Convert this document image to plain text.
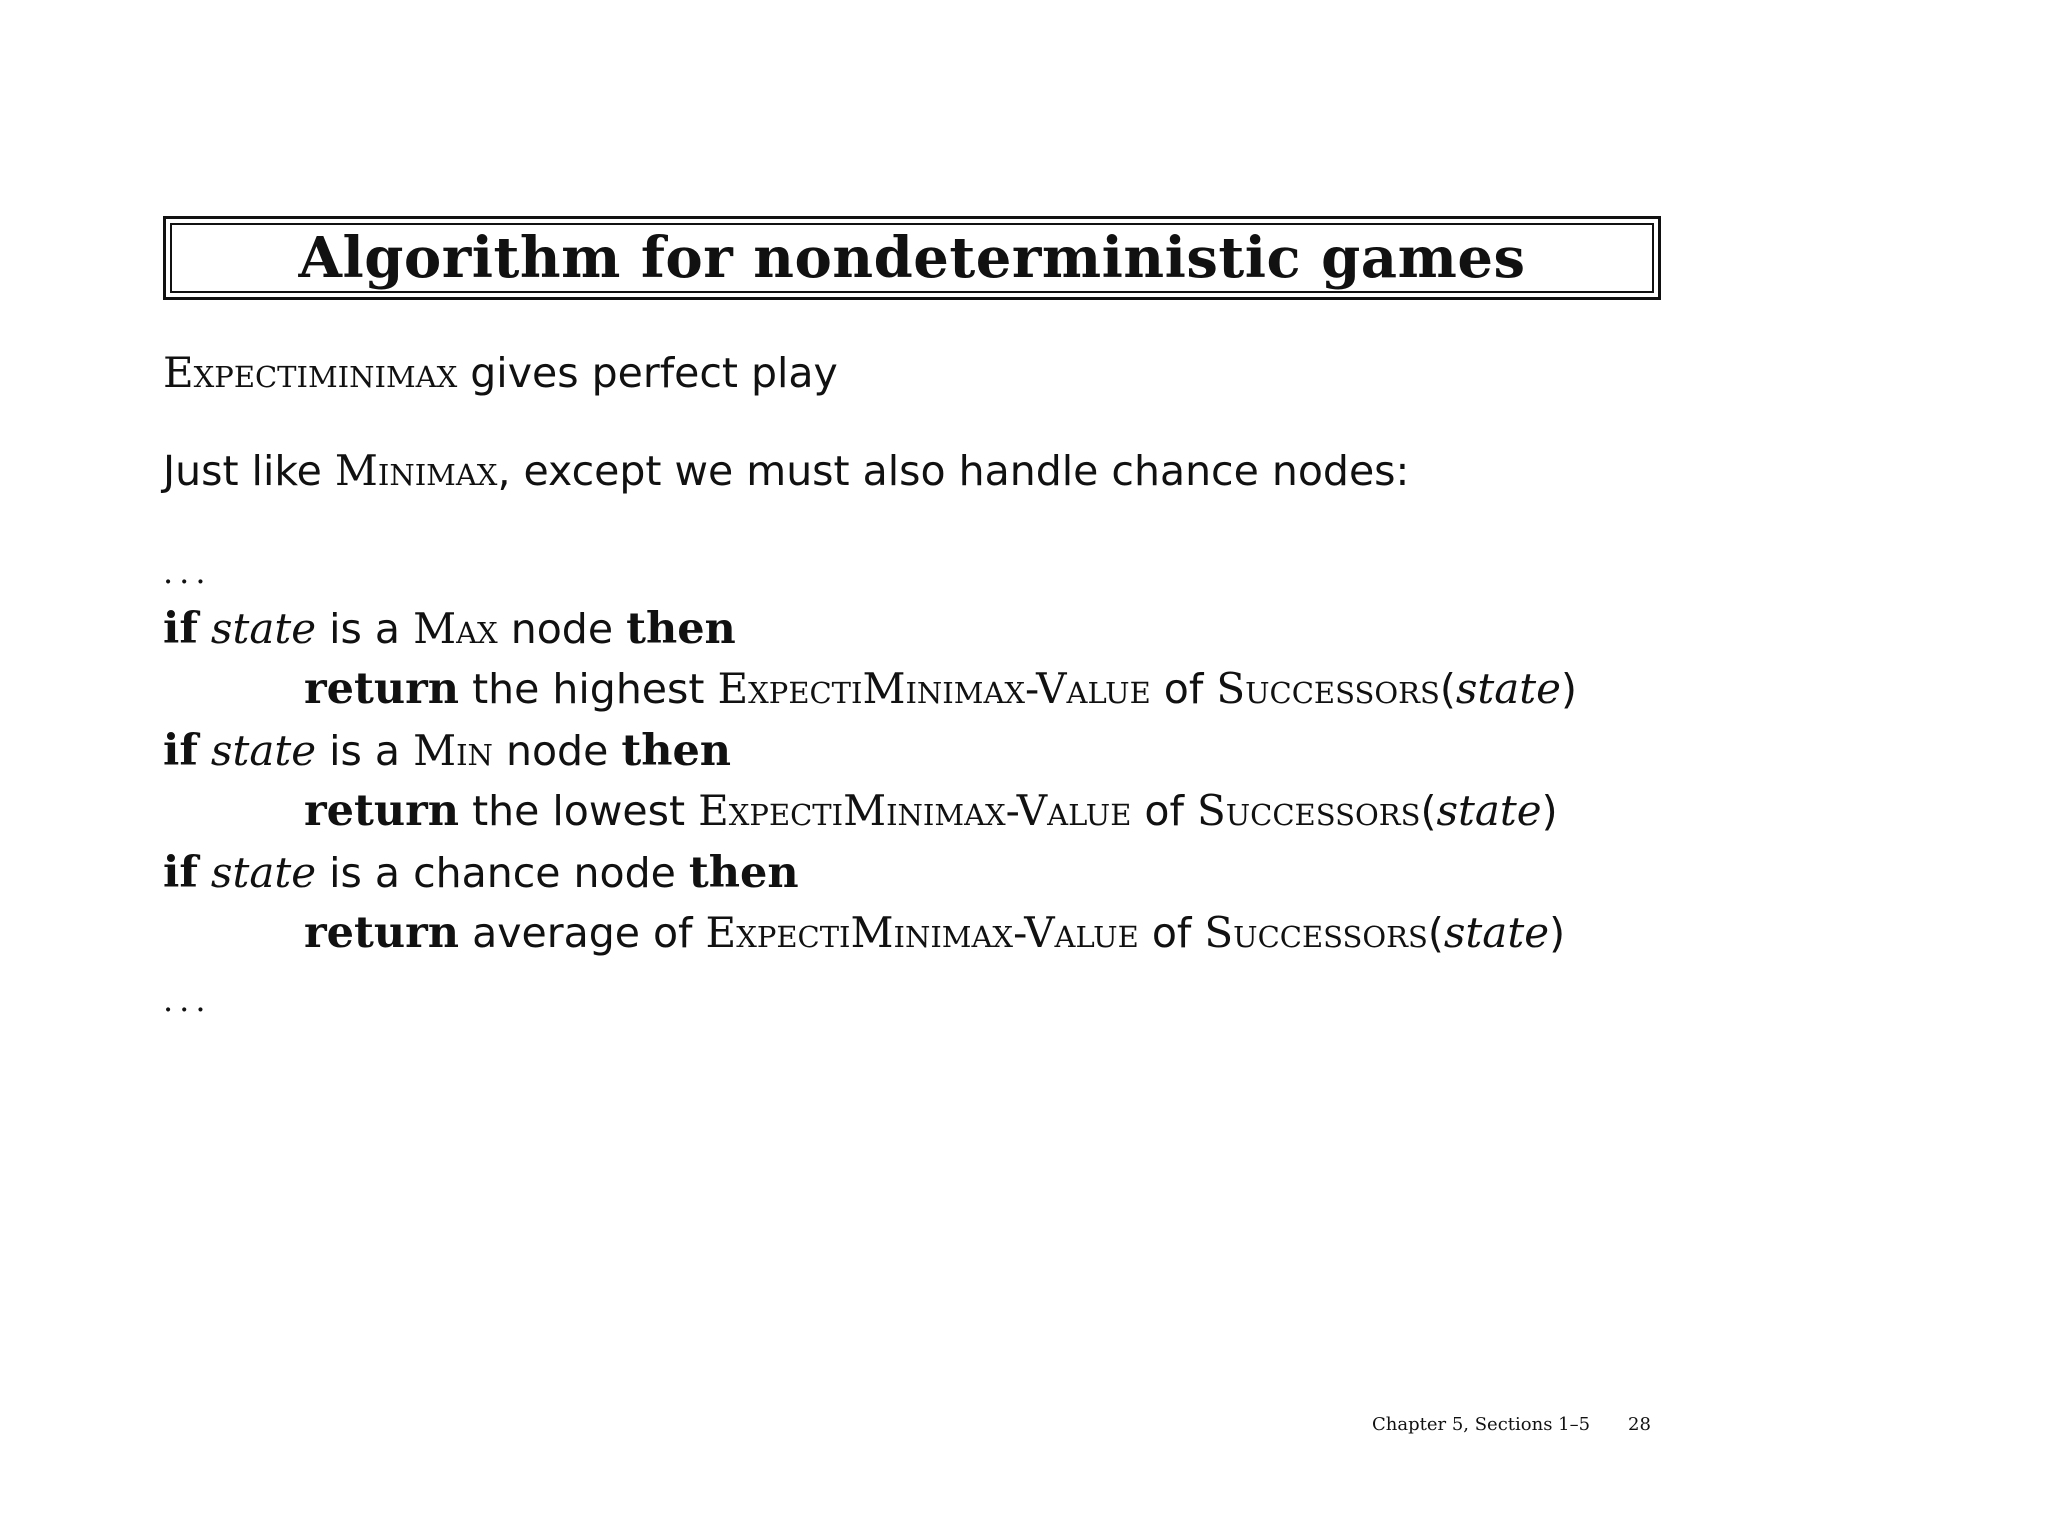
Algorithm for nondeterministic games
Expectiminimax gives perfect play
Just like Minimax, except we must also handle chance nodes:
...
if state is a Max node then
return the highest ExpectiMinimax-Value of Successors(state)
if state is a Min node then
return the lowest ExpectiMinimax-Value of Successors(state)
if state is a chance node then
return average of ExpectiMinimax-Value of Successors(state)
...
Chapter 5, Sections 1–5 28
